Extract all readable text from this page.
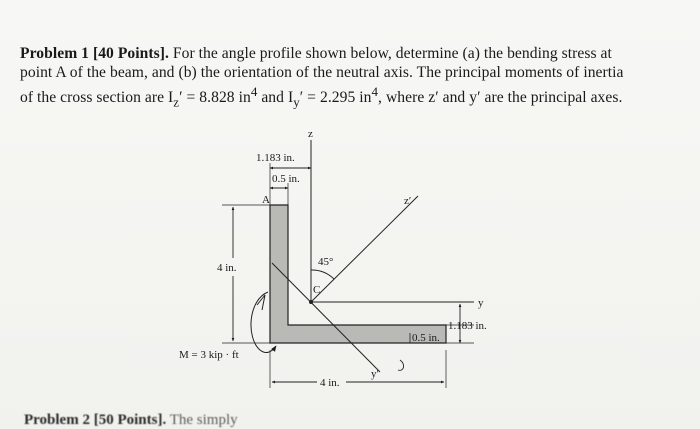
Problem 1 [40 Points]. For the angle profile shown below, determine (a) the bending stress at
point A of the beam, and (b) the orientation of the neutral axis. The principal moments of inertia
of the cross section are $I_z' = 8.828$ $in^4$ and $I_y' = 2.295$ $in^4$, where z′ and y′ are the principal axes.
z
y
z′
y′
A
C
45°
1.183 in.
0.5 in.
4 in.
1.183 in.
0.5 in.
4 in.
M = 3 kip · ft
Problem 2 [50 Points]. The simply
